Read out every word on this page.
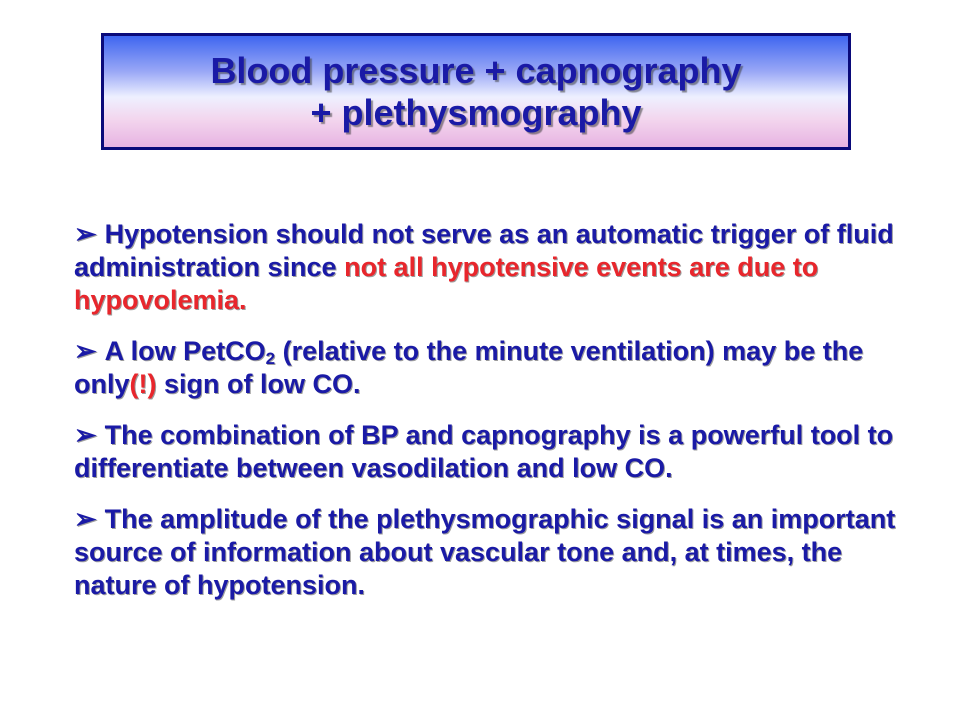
Blood pressure + capnography
+ plethysmography
➢ Hypotension should not serve as an automatic trigger of fluid administration since not all hypotensive events are due to hypovolemia.
➢ A low PetCO$_2$ (relative to the minute ventilation) may be the only(!) sign of low CO.
➢ The combination of BP and capnography is a powerful tool to differentiate between vasodilation and low CO.
➢ The amplitude of the plethysmographic signal is an important source of information about vascular tone and, at times, the nature of hypotension.
